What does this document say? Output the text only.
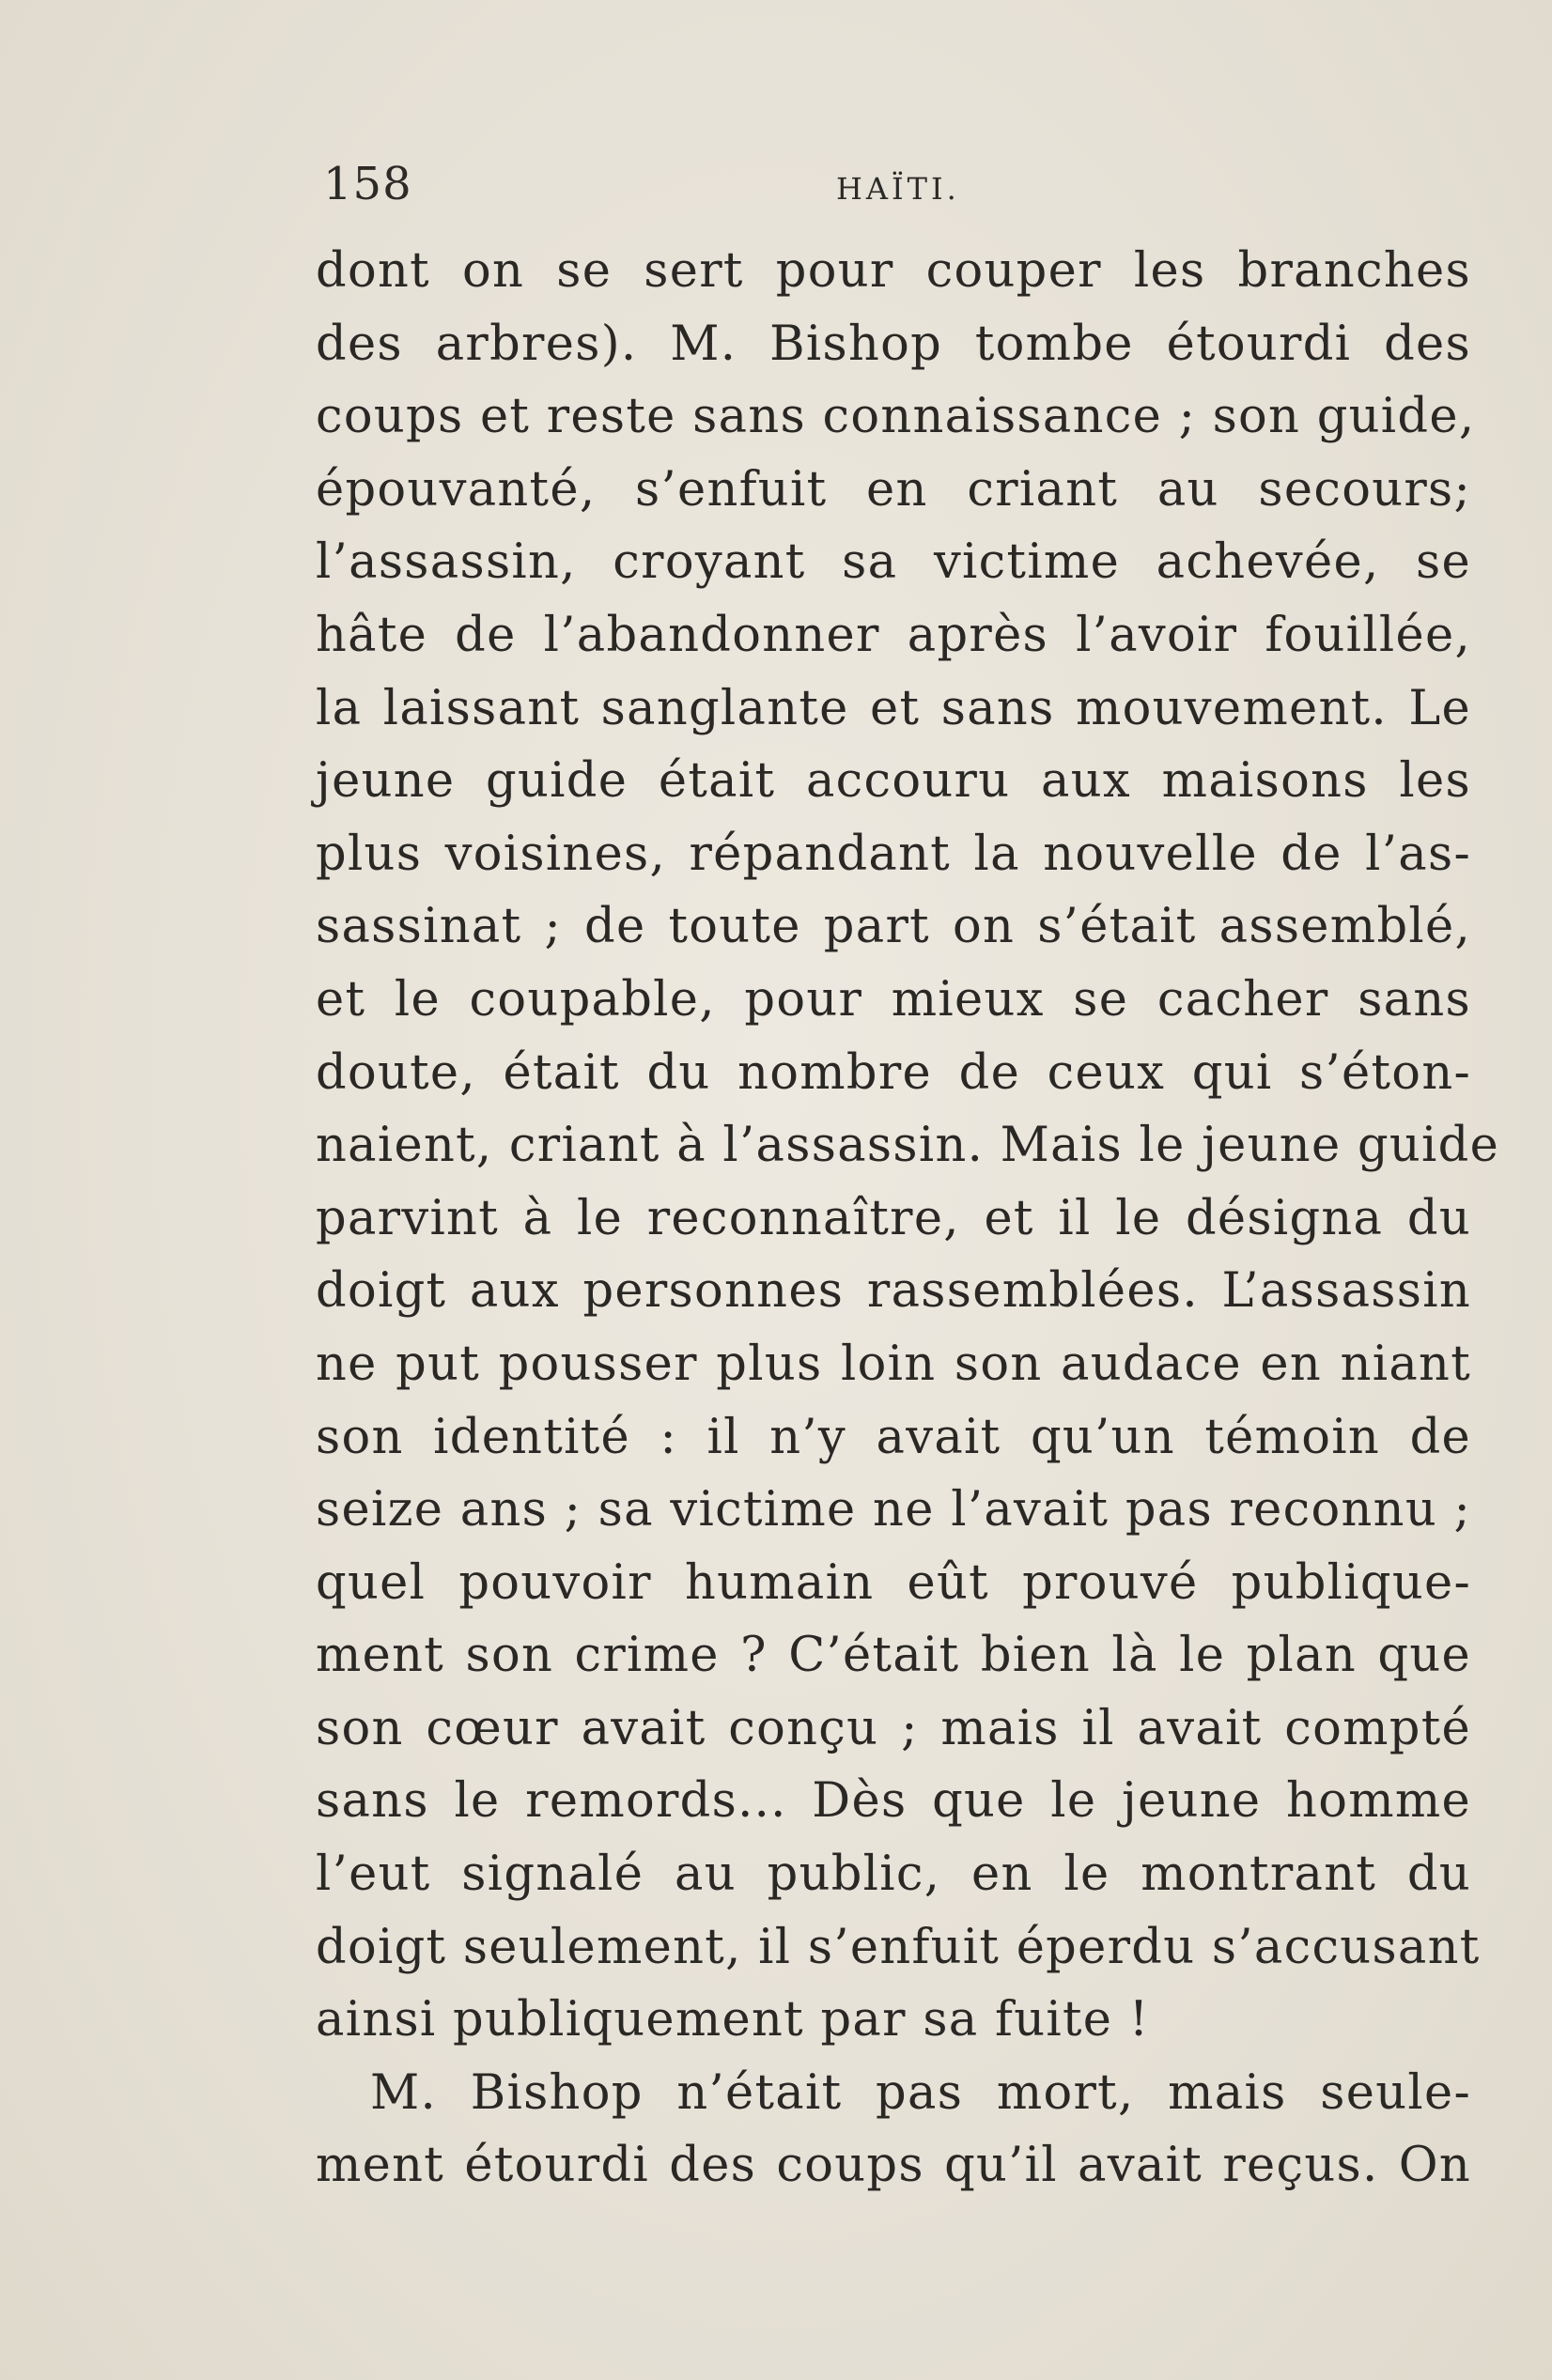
158	HAÏTI.
dont on se sert pour couper les branches
des arbres). M. Bishop tombe étourdi des
coups et reste sans connaissance ; son guide,
épouvanté, s’enfuit en criant au secours;
l’assassin, croyant sa victime achevée, se
hâte de l’abandonner après l’avoir fouillée,
la laissant sanglante et sans mouvement. Le
jeune guide était accouru aux maisons les
plus voisines, répandant la nouvelle de l’as-
sassinat ; de toute part on s’était assemblé,
et le coupable, pour mieux se cacher sans
doute, était du nombre de ceux qui s’éton-
naient, criant à l’assassin. Mais le jeune guide
parvint à le reconnaître, et il le désigna du
doigt aux personnes rassemblées. L’assassin
ne put pousser plus loin son audace en niant
son identité : il n’y avait qu’un témoin de
seize ans ; sa victime ne l’avait pas reconnu ;
quel pouvoir humain eût prouvé publique-
ment son crime ? C’était bien là le plan que
son cœur avait conçu ; mais il avait compté
sans le remords... Dès que le jeune homme
l’eut signalé au public, en le montrant du
doigt seulement, il s’enfuit éperdu s’accusant
ainsi publiquement par sa fuite !
M. Bishop n’était pas mort, mais seule-
ment étourdi des coups qu’il avait reçus. On
